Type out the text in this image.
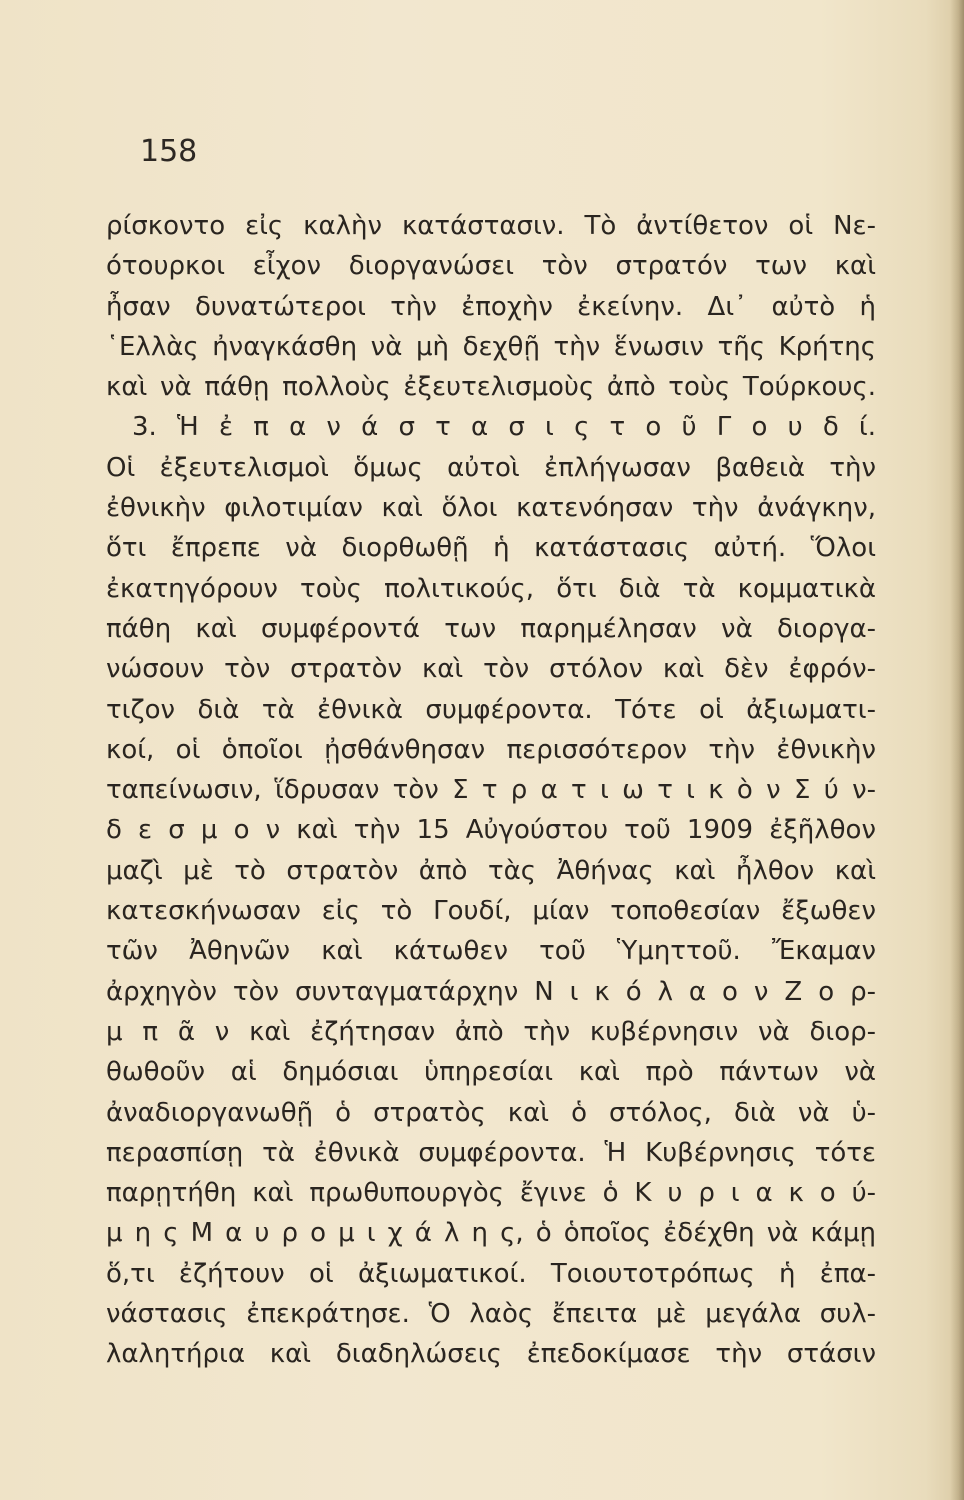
158
ρίσκοντο εἰς καλὴν κατάστασιν. Τὸ ἀντίθετον οἱ Νε-
ότουρκοι εἶχον διοργανώσει τὸν στρατόν των καὶ
ἦσαν δυνατώτεροι τὴν ἐποχὴν ἐκείνην. Δι᾿ αὐτὸ ἡ
῾Ελλὰς ἠναγκάσθη νὰ μὴ δεχθῇ τὴν ἕνωσιν τῆς Κρήτης
καὶ νὰ πάθῃ πολλοὺς ἐξευτελισμοὺς ἀπὸ τοὺς Τούρκους.
3. Ἡ ἐ π α ν ά σ τ α σ ι ς τ ο ῦ Γ ο υ δ ί.
Οἱ ἐξευτελισμοὶ ὅμως αὐτοὶ ἐπλήγωσαν βαθειὰ τὴν
ἐθνικὴν φιλοτιμίαν καὶ ὅλοι κατενόησαν τὴν ἀνάγκην,
ὅτι ἔπρεπε νὰ διορθωθῇ ἡ κατάστασις αὐτή. Ὅλοι
ἐκατηγόρουν τοὺς πολιτικούς, ὅτι διὰ τὰ κομματικὰ
πάθη καὶ συμφέροντά των παρημέλησαν νὰ διοργα-
νώσουν τὸν στρατὸν καὶ τὸν στόλον καὶ δὲν ἐφρόν-
τιζον διὰ τὰ ἐθνικὰ συμφέροντα. Τότε οἱ ἀξιωματι-
κοί, οἱ ὁποῖοι ᾐσθάνθησαν περισσότερον τὴν ἐθνικὴν
ταπείνωσιν, ἵδρυσαν τὸν Σ τ ρ α τ ι ω τ ι κ ὸ ν Σ ύ ν-
δ ε σ μ ο ν καὶ τὴν 15 Αὐγούστου τοῦ 1909 ἐξῆλθον
μαζὶ μὲ τὸ στρατὸν ἀπὸ τὰς Ἀθήνας καὶ ἦλθον καὶ
κατεσκήνωσαν εἰς τὸ Γουδί, μίαν τοποθεσίαν ἔξωθεν
τῶν Ἀθηνῶν καὶ κάτωθεν τοῦ Ὑμηττοῦ. Ἔκαμαν
ἀρχηγὸν τὸν συνταγματάρχην Ν ι κ ό λ α ο ν Ζ ο ρ-
μ π ᾶ ν καὶ ἐζήτησαν ἀπὸ τὴν κυβέρνησιν νὰ διορ-
θωθοῦν αἱ δημόσιαι ὑπηρεσίαι καὶ πρὸ πάντων νὰ
ἀναδιοργανωθῇ ὁ στρατὸς καὶ ὁ στόλος, διὰ νὰ ὑ-
περασπίσῃ τὰ ἐθνικὰ συμφέροντα. Ἡ Κυβέρνησις τότε
παρῃτήθη καὶ πρωθυπουργὸς ἔγινε ὁ Κ υ ρ ι α κ ο ύ-
μ η ς Μ α υ ρ ο μ ι χ ά λ η ς, ὁ ὁποῖος ἐδέχθη νὰ κάμῃ
ὅ,τι ἐζήτουν οἱ ἀξιωματικοί. Τοιουτοτρόπως ἡ ἐπα-
νάστασις ἐπεκράτησε. Ὁ λαὸς ἔπειτα μὲ μεγάλα συλ-
λαλητήρια καὶ διαδηλώσεις ἐπεδοκίμασε τὴν στάσιν
